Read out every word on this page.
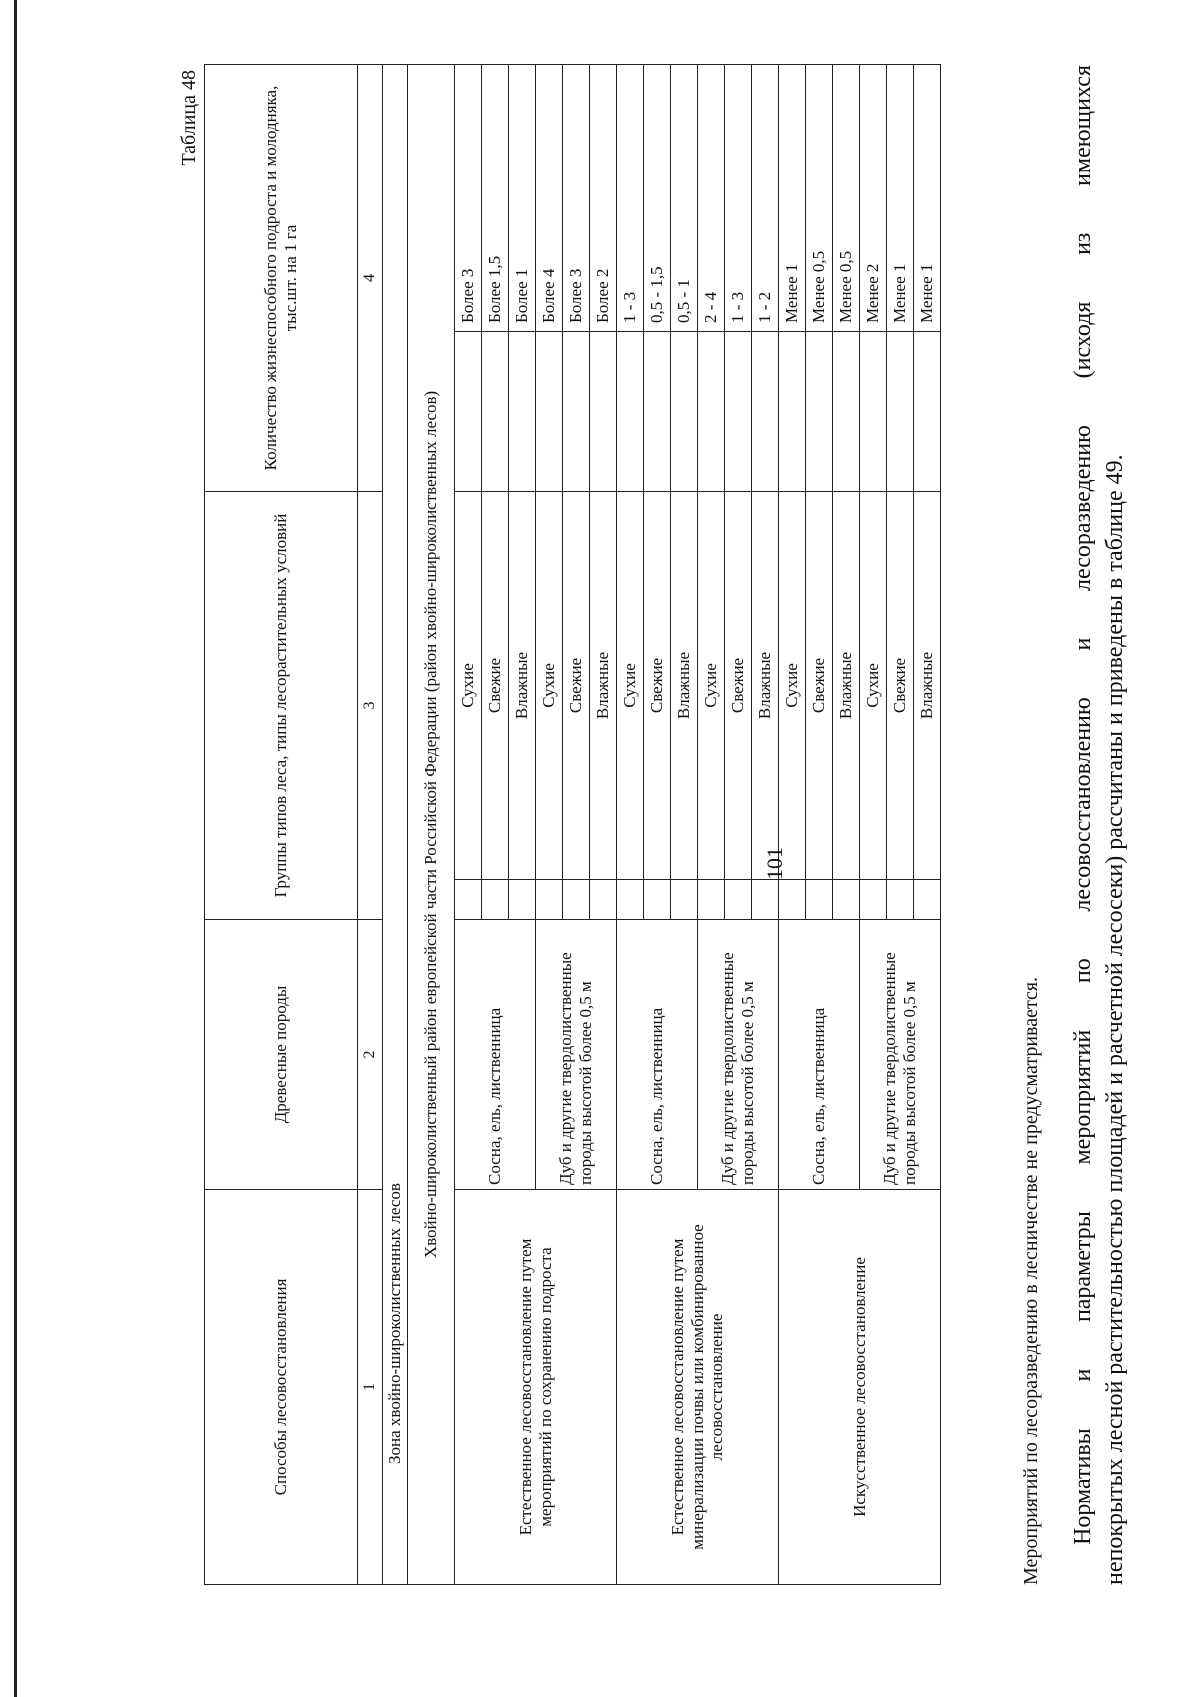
Таблица 48
Способы лесовосстановления	Древесные породы	Группы типов леса, типы лесорастительных условий		Количество жизнеспособного подроста и молодняка, тыс.шт. на 1 га	
1	2	3		4	
Зона хвойно-широколиственных лесов					
Хвойно-широколиственный район европейской части Российской Федерации (район хвойно-широколиственных лесов)					
Естественное лесовосстановление путем мероприятий по сохранению подроста	Сосна, ель, лиственница		Сухие		Более 3
			Свежие		Более 1,5
			Влажные		Более 1
	Дуб и другие твердолиственные породы высотой более 0,5 м		Сухие		Более 4
			Свежие		Более 3
			Влажные		Более 2
Естественное лесовосстановление путем минерализации почвы или комбинированное лесовосстановление	Сосна, ель, лиственница		Сухие		1 - 3
			Свежие		0,5 - 1,5
			Влажные		0,5 - 1
	Дуб и другие твердолиственные породы высотой более 0,5 м		Сухие		2 - 4
			Свежие		1 - 3
			Влажные		1 - 2
Искусственное лесовосстановление	Сосна, ель, лиственница		Сухие		Менее 1
			Свежие		Менее 0,5
			Влажные		Менее 0,5
	Дуб и другие твердолиственные породы высотой более 0,5 м		Сухие		Менее 2
			Свежие		Менее 1
			Влажные		Менее 1
Мероприятий по лесоразведению в лесничестве не предусматривается. Нормативы и параметры мероприятий по лесовосстановлению и лесоразведению (исходя из имеющихся непокрытых лесной растительностью площадей и расчетной лесосеки) рассчитаны и приведены в таблице 49.
101
